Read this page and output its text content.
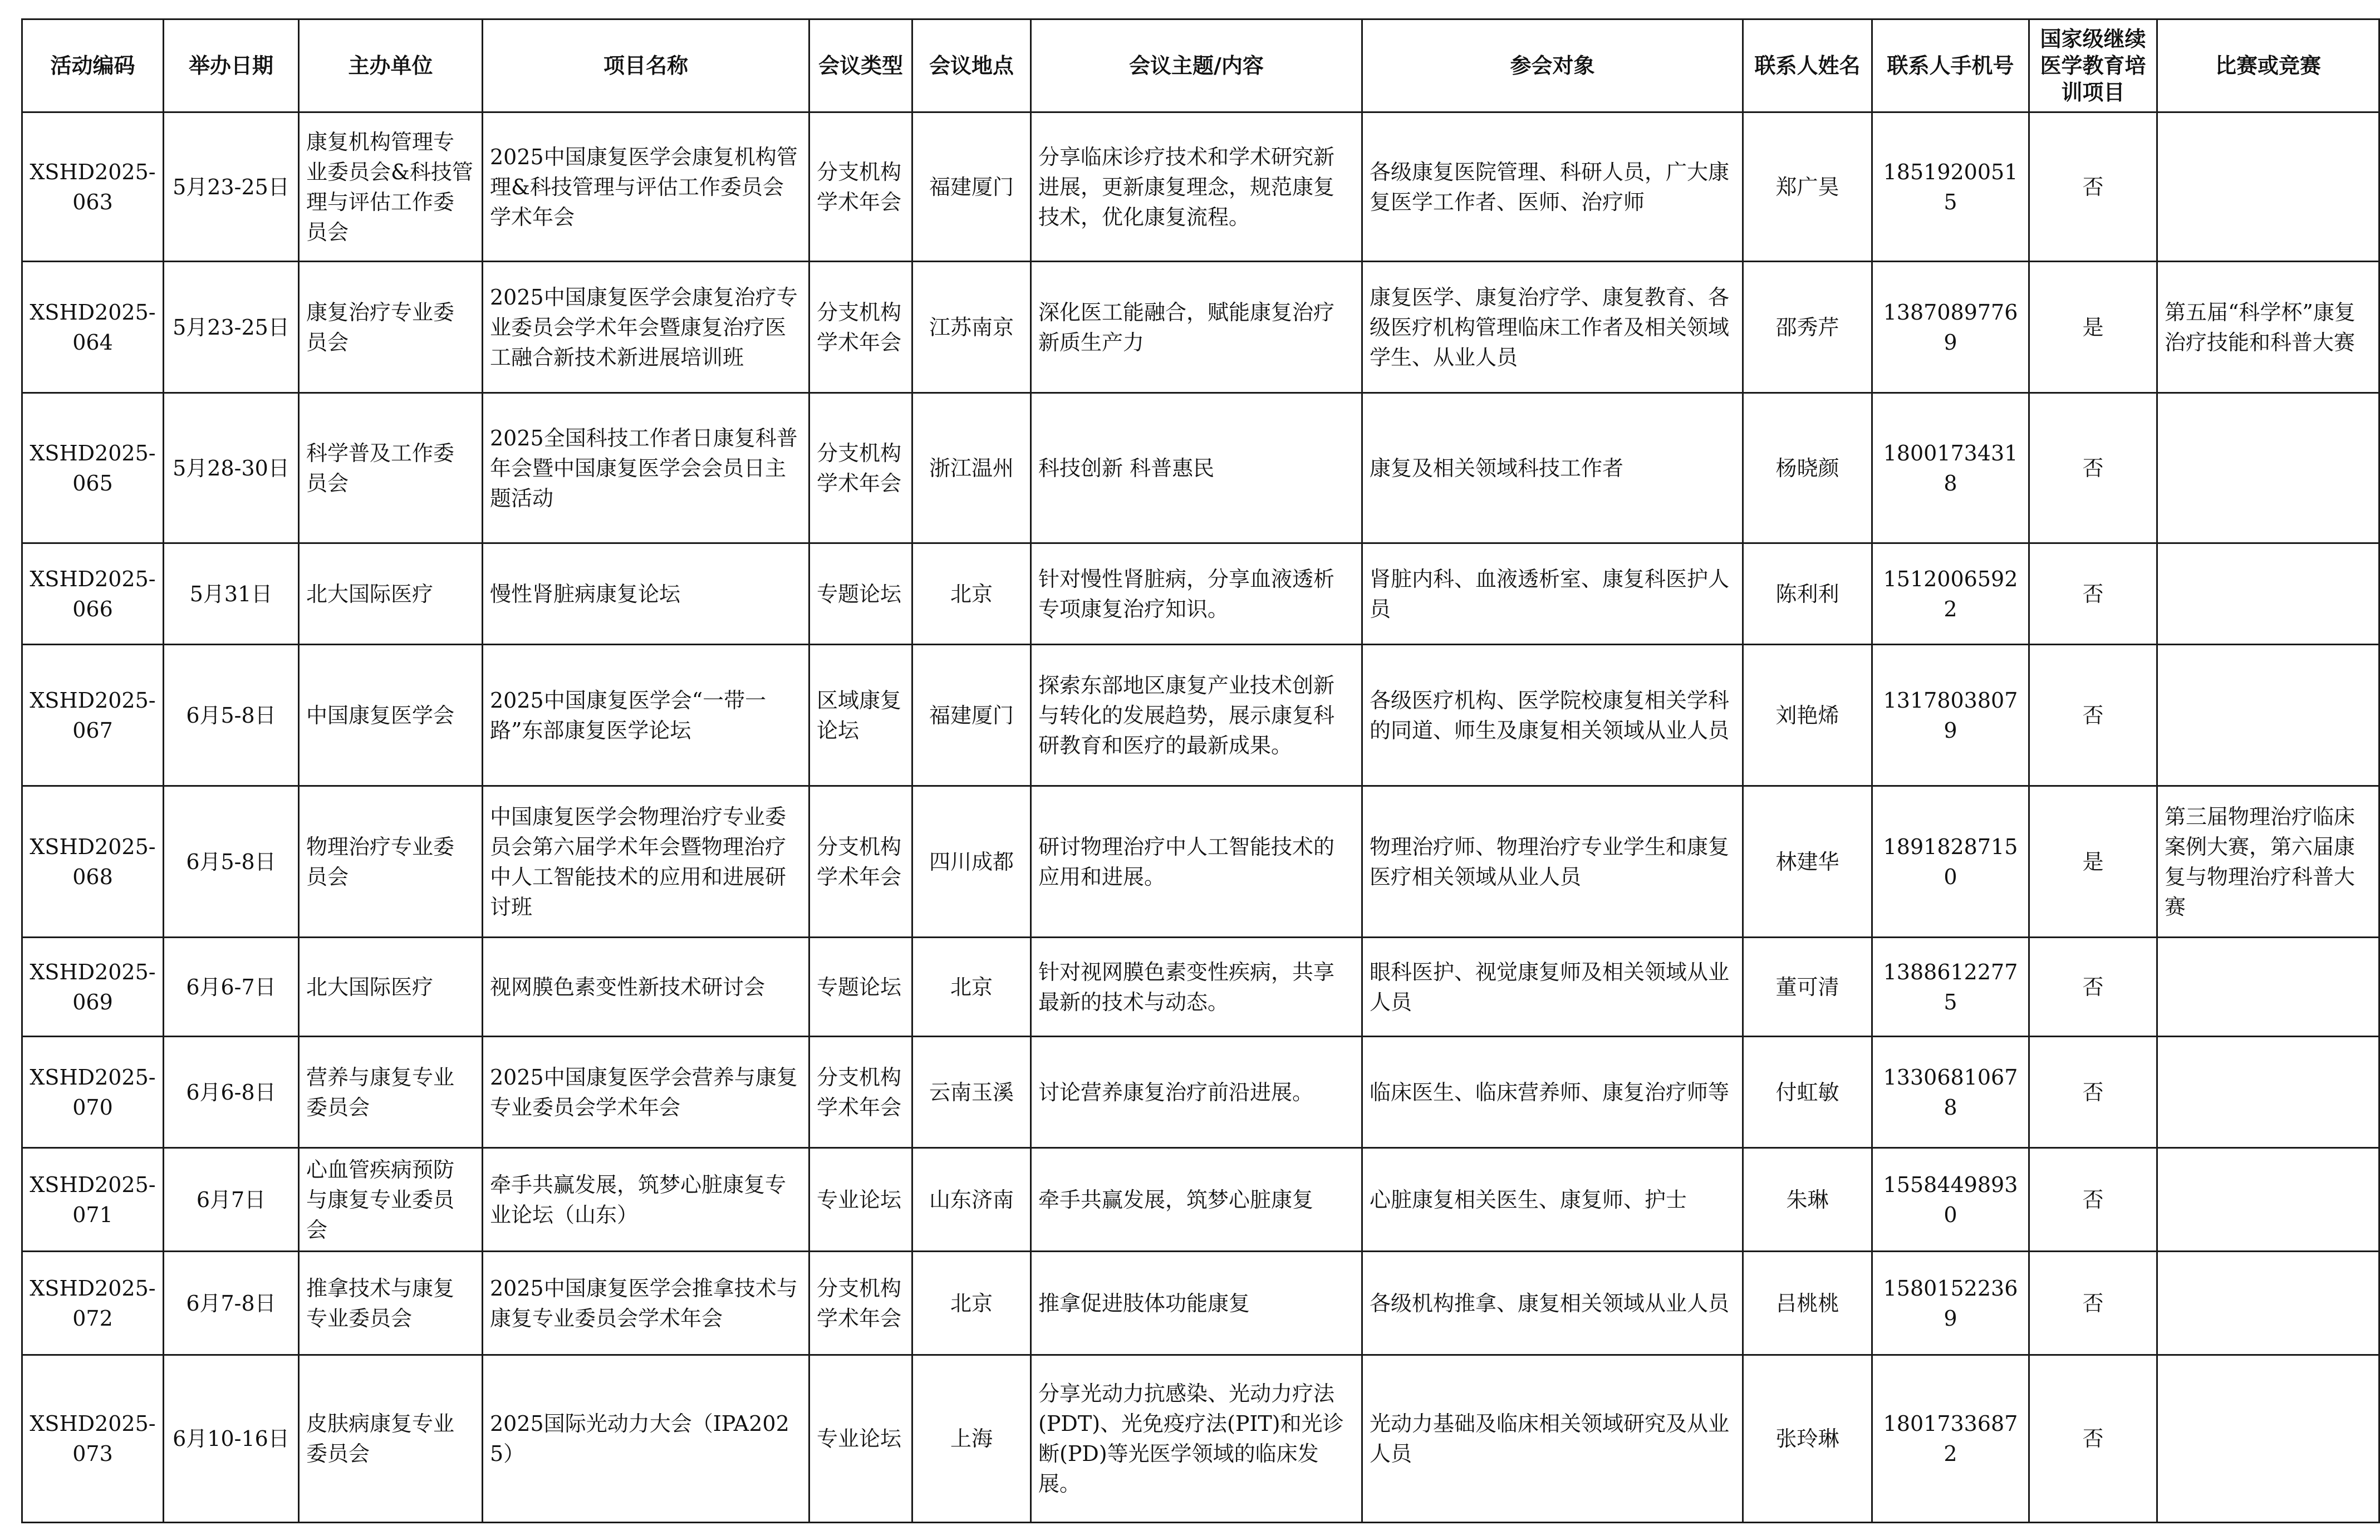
活动编码	举办日期	主办单位	项目名称	会议类型	会议地点	会议主题/内容	参会对象	联系人姓名	联系人手机号	国家级继续医学教育培训项目	比赛或竞赛
XSHD2025-063	5月23-25日	康复机构管理专业委员会&科技管理与评估工作委员会	2025中国康复医学会康复机构管理&科技管理与评估工作委员会学术年会	分支机构学术年会	福建厦门	分享临床诊疗技术和学术研究新进展，更新康复理念，规范康复技术，优化康复流程。	各级康复医院管理、科研人员，广大康复医学工作者、医师、治疗师	郑广昊	18519200515	否	
XSHD2025-064	5月23-25日	康复治疗专业委员会	2025中国康复医学会康复治疗专业委员会学术年会暨康复治疗医工融合新技术新进展培训班	分支机构学术年会	江苏南京	深化医工能融合，赋能康复治疗新质生产力	康复医学、康复治疗学、康复教育、各级医疗机构管理临床工作者及相关领域学生、从业人员	邵秀芹	13870897769	是	第五届“科学杯”康复治疗技能和科普大赛
XSHD2025-065	5月28-30日	科学普及工作委员会	2025全国科技工作者日康复科普年会暨中国康复医学会会员日主题活动	分支机构学术年会	浙江温州	科技创新 科普惠民	康复及相关领域科技工作者	杨晓颜	18001734318	否	
XSHD2025-066	5月31日	北大国际医疗	慢性肾脏病康复论坛	专题论坛	北京	针对慢性肾脏病，分享血液透析专项康复治疗知识。	肾脏内科、血液透析室、康复科医护人员	陈利利	15120065922	否	
XSHD2025-067	6月5-8日	中国康复医学会	2025中国康复医学会“一带一路”东部康复医学论坛	区域康复论坛	福建厦门	探索东部地区康复产业技术创新与转化的发展趋势，展示康复科研教育和医疗的最新成果。	各级医疗机构、医学院校康复相关学科的同道、师生及康复相关领域从业人员	刘艳烯	13178038079	否	
XSHD2025-068	6月5-8日	物理治疗专业委员会	中国康复医学会物理治疗专业委员会第六届学术年会暨物理治疗中人工智能技术的应用和进展研讨班	分支机构学术年会	四川成都	研讨物理治疗中人工智能技术的应用和进展。	物理治疗师、物理治疗专业学生和康复医疗相关领域从业人员	林建华	18918287150	是	第三届物理治疗临床案例大赛，第六届康复与物理治疗科普大赛
XSHD2025-069	6月6-7日	北大国际医疗	视网膜色素变性新技术研讨会	专题论坛	北京	针对视网膜色素变性疾病，共享最新的技术与动态。	眼科医护、视觉康复师及相关领域从业人员	董可清	13886122775	否	
XSHD2025-070	6月6-8日	营养与康复专业委员会	2025中国康复医学会营养与康复专业委员会学术年会	分支机构学术年会	云南玉溪	讨论营养康复治疗前沿进展。	临床医生、临床营养师、康复治疗师等	付虹敏	13306810678	否	
XSHD2025-071	6月7日	心血管疾病预防与康复专业委员会	牵手共赢发展，筑梦心脏康复专业论坛（山东）	专业论坛	山东济南	牵手共赢发展，筑梦心脏康复	心脏康复相关医生、康复师、护士	朱琳	15584498930	否	
XSHD2025-072	6月7-8日	推拿技术与康复专业委员会	2025中国康复医学会推拿技术与康复专业委员会学术年会	分支机构学术年会	北京	推拿促进肢体功能康复	各级机构推拿、康复相关领域从业人员	吕桃桃	15801522369	否	
XSHD2025-073	6月10-16日	皮肤病康复专业委员会	2025国际光动力大会（IPA2025）	专业论坛	上海	分享光动力抗感染、光动力疗法(PDT)、光免疫疗法(PIT)和光诊断(PD)等光医学领域的临床发展。	光动力基础及临床相关领域研究及从业人员	张玲琳	18017336872	否	
